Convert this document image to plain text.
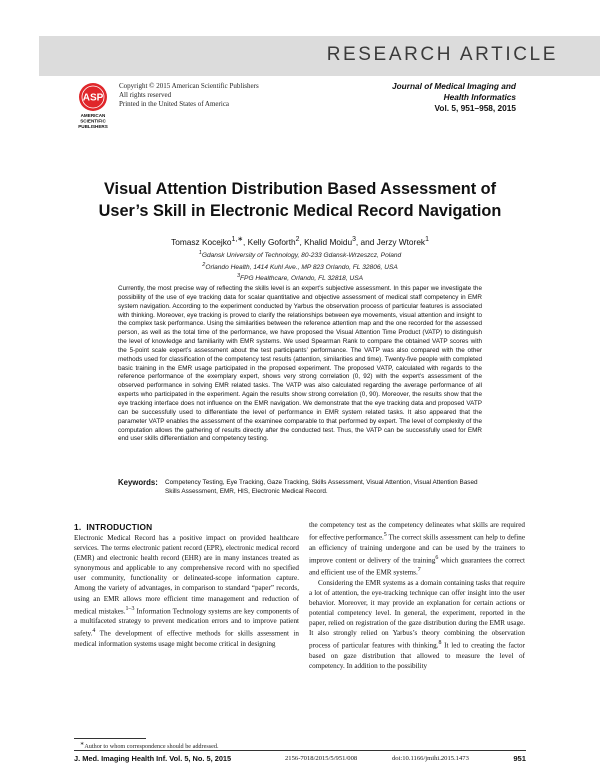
RESEARCH ARTICLE
ASP
AMERICAN
SCIENTIFIC
PUBLISHERS
Copyright © 2015 American Scientific Publishers
All rights reserved
Printed in the United States of America
Journal of Medical Imaging and
Health Informatics
Vol. 5, 951–958, 2015
Visual Attention Distribution Based Assessment of
User’s Skill in Electronic Medical Record Navigation
Tomasz Kocejko$^{1,∗}$, Kelly Goforth$^2$, Khalid Moidu$^3$, and Jerzy Wtorek$^1$
$^1$Gdansk University of Technology, 80-233 Gdansk-Wrzeszcz, Poland
$^2$Orlando Health, 1414 Kuhl Ave., MP 823 Orlando, FL 32806, USA
$^3$FPG Healthcare, Orlando, FL 32818, USA
Currently, the most precise way of reflecting the skills level is an expert’s subjective assessment. In this paper we investigate the possibility of the use of eye tracking data for scalar quantitative and objective assessment of medical staff competency in EMR system navigation. According to the experiment conducted by Yarbus the observation process of particular features is associated with thinking. Moreover, eye tracking is proved to clarify the relationships between eye movements, visual attention and insight to the complex task performance. Using the similarities between the reference attention map and the one recorded for the assessed person, as well as the total time of the performance, we have proposed the Visual Attention Time Product (VATP) to distinguish the level of knowledge and familiarity with EMR systems. We used Spearman Rank to compare the obtained VATP scores with the 5-point scale expert’s assessment about the test participants’ performance. The VATP was also compared with the other methods used for classification of the competency test results (attention, similarities and time). Twenty-five people with completed basic training in the EMR usage participated in the proposed experiment. The proposed VATP, calculated with regards to the reference performance of the exemplary expert, shows very strong correlation (0, 92) with the expert’s assessment of the observed performance in solving EMR related tasks. The VATP was also calculated regarding the average performance of all experts who participated in the experiment. Again the results show strong correlation (0, 90). Moreover, the results show that the eye tracking interface does not influence on the EMR navigation. We demonstrate that the eye tracking data and proposed VATP can be successfully used to differentiate the level of performance in EMR system related tasks. It also appeared that the parameter VATP enables the assessment of the examinee comparable to that performed by expert. The level of complexity of the computation allows the gathering of results directly after the conducted test. Thus, the VATP can be successfully used for EMR end user skills differentiation and competency testing.
Keywords: Competency Testing, Eye Tracking, Gaze Tracking, Skills Assessment, Visual Attention, Visual Attention Based Skills Assessment, EMR, HIS, Electronic Medical Record.
1. INTRODUCTION

Electronic Medical Record has a positive impact on provided healthcare services. The terms electronic patient record (EPR), electronic medical record (EMR) and electronic health record (EHR) are in many instances treated as synonymous and applicable to any comprehensive record with no specified user community, functionality or delineated-scope information capture. Among the variety of advantages, in comparison to standard “paper” records, using an EMR allows more efficient time management and reduction of medical mistakes.$^{1-3}$ Information Technology systems are key components of a multifaceted strategy to prevent medication errors and to improve patient safety.$^4$ The development of effective methods for skills assessment in medical information systems usage might become critical in designing

the competency test as the competency delineates what skills are required for effective performance.$^5$ The correct skills assessment can help to define an efficiency of training undergone and can be used by the trainers to improve content or delivery of the training$^6$ which guarantees the correct and efficient use of the EMR systems.$^7$

Considering the EMR systems as a domain containing tasks that require a lot of attention, the eye-tracking technique can offer insight into the user behavior. Moreover, it may provide an explanation for certain actions or potential competency level. In general, the experiment, reported in the paper, relied on registration of the gaze distribution during the EMR usage. It also strongly relied on Yarbus’s theory combining the observation process of particular features with thinking.$^8$ It led to creating the factor based on gaze distribution that allowed to measure the level of competency. In addition to the possibility

∗Author to whom correspondence should be addressed.
J. Med. Imaging Health Inf. Vol. 5, No. 5, 2015	2156-7018/2015/5/951/008	doi:10.1166/jmihi.2015.1473	951
